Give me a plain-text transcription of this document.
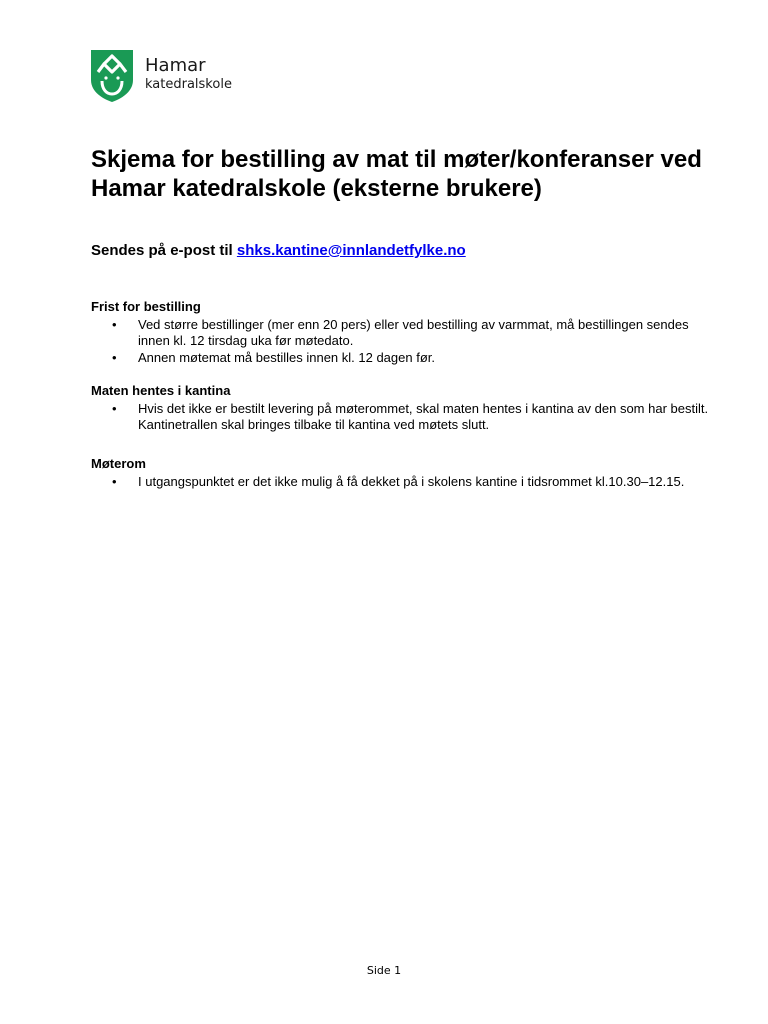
Hamar
katedralskole
Skjema for bestilling av mat til møter/konferanser ved Hamar katedralskole (eksterne brukere)

Sendes på e-post til shks.kantine@innlandetfylke.no

Frist for bestilling
• Ved større bestillinger (mer enn 20 pers) eller ved bestilling av varmmat, må bestillingen sendes innen kl. 12 tirsdag uka før møtedato.
• Annen møtemat må bestilles innen kl. 12 dagen før.
Maten hentes i kantina
• Hvis det ikke er bestilt levering på møterommet, skal maten hentes i kantina av den som har bestilt. Kantinetrallen skal bringes tilbake til kantina ved møtets slutt.
Møterom
• I utgangspunktet er det ikke mulig å få dekket på i skolens kantine i tidsrommet kl.10.30–12.15.
Side 1
